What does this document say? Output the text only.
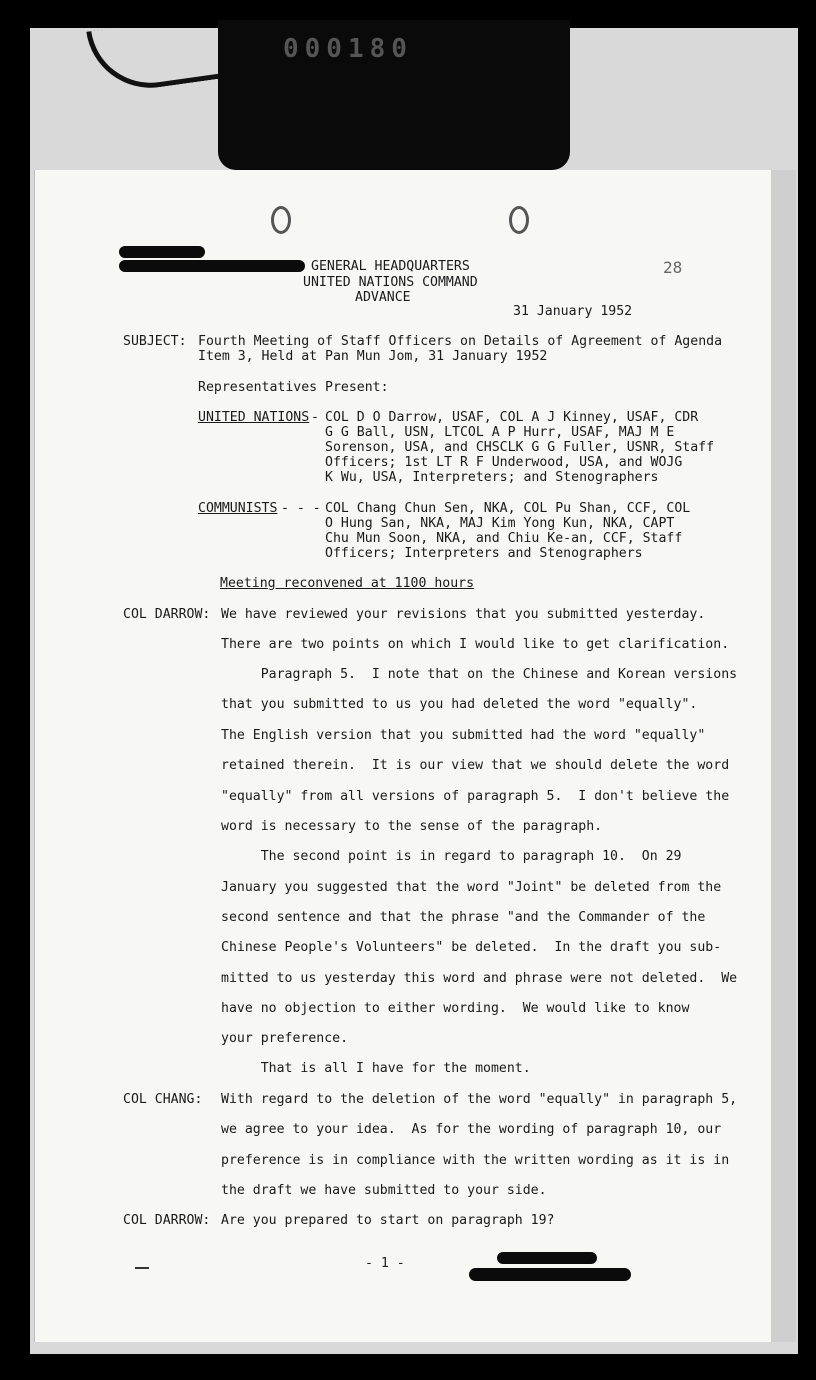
000180
GENERAL HEADQUARTERS
UNITED NATIONS COMMAND
ADVANCE
28
31 January 1952
SUBJECT: Fourth Meeting of Staff Officers on Details of Agreement of Agenda
Item 3, Held at Pan Mun Jom, 31 January 1952
Representatives Present:
UNITED NATIONS
-
COL D O Darrow, USAF, COL A J Kinney, USAF, CDR
G G Ball, USN, LTCOL A P Hurr, USAF, MAJ M E
Sorenson, USA, and CHSCLK G G Fuller, USNR, Staff
Officers; 1st LT R F Underwood, USA, and WOJG
K Wu, USA, Interpreters; and Stenographers
COMMUNISTS
- - -
COL Chang Chun Sen, NKA, COL Pu Shan, CCF, COL
O Hung San, NKA, MAJ Kim Yong Kun, NKA, CAPT
Chu Mun Soon, NKA, and Chiu Ke-an, CCF, Staff
Officers; Interpreters and Stenographers
Meeting reconvened at 1100 hours
COL DARROW: We have reviewed your revisions that you submitted yesterday.
There are two points on which I would like to get clarification.
Paragraph 5.  I note that on the Chinese and Korean versions
that you submitted to us you had deleted the word "equally".
The English version that you submitted had the word "equally"
retained therein.  It is our view that we should delete the word
"equally" from all versions of paragraph 5.  I don't believe the
word is necessary to the sense of the paragraph.
The second point is in regard to paragraph 10.  On 29
January you suggested that the word "Joint" be deleted from the
second sentence and that the phrase "and the Commander of the
Chinese People's Volunteers" be deleted.  In the draft you sub-
mitted to us yesterday this word and phrase were not deleted.  We
have no objection to either wording.  We would like to know
your preference.
That is all I have for the moment.
COL CHANG: With regard to the deletion of the word "equally" in paragraph 5,
we agree to your idea.  As for the wording of paragraph 10, our
preference is in compliance with the written wording as it is in
the draft we have submitted to your side.
COL DARROW: Are you prepared to start on paragraph 19?
- 1 -
